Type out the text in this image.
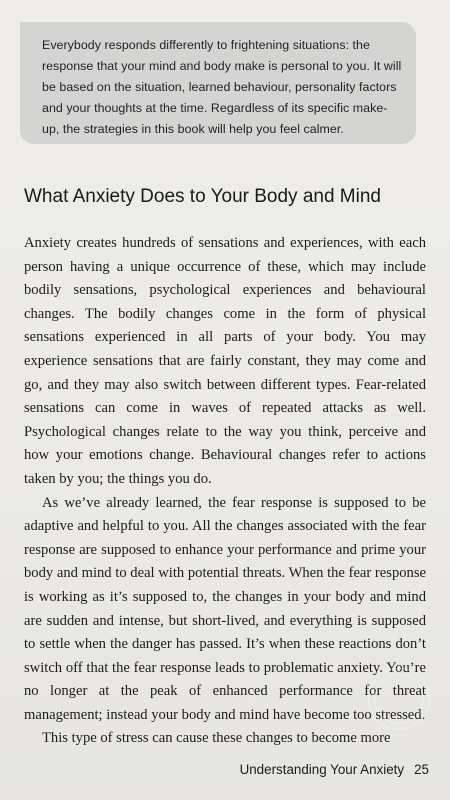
Everybody responds differently to frightening situations: the response that your mind and body make is personal to you. It will be based on the situation, learned behaviour, personality factors and your thoughts at the time. Regardless of its specific make-up, the strategies in this book will help you feel calmer.

What Anxiety Does to Your Body and Mind

Anxiety creates hundreds of sensations and experiences, with each person having a unique occurrence of these, which may include bodily sensations, psychological experiences and behavioural changes. The bodily changes come in the form of physical sensations experienced in all parts of your body. You may experience sensations that are fairly constant, they may come and go, and they may also switch between different types. Fear-related sensations can come in waves of repeated attacks as well. Psychological changes relate to the way you think, perceive and how your emotions change. Behavioural changes refer to actions taken by you; the things you do.

As we’ve already learned, the fear response is supposed to be adaptive and helpful to you. All the changes associated with the fear response are supposed to enhance your performance and prime your body and mind to deal with potential threats. When the fear response is working as it’s supposed to, the changes in your body and mind are sudden and intense, but short-lived, and everything is supposed to settle when the danger has passed. It’s when these reactions don’t switch off that the fear response leads to problematic anxiety. You’re no longer at the peak of enhanced performance for threat management; instead your body and mind have become too stressed.

This type of stress can cause these changes to become more

Understanding Your Anxiety 25
